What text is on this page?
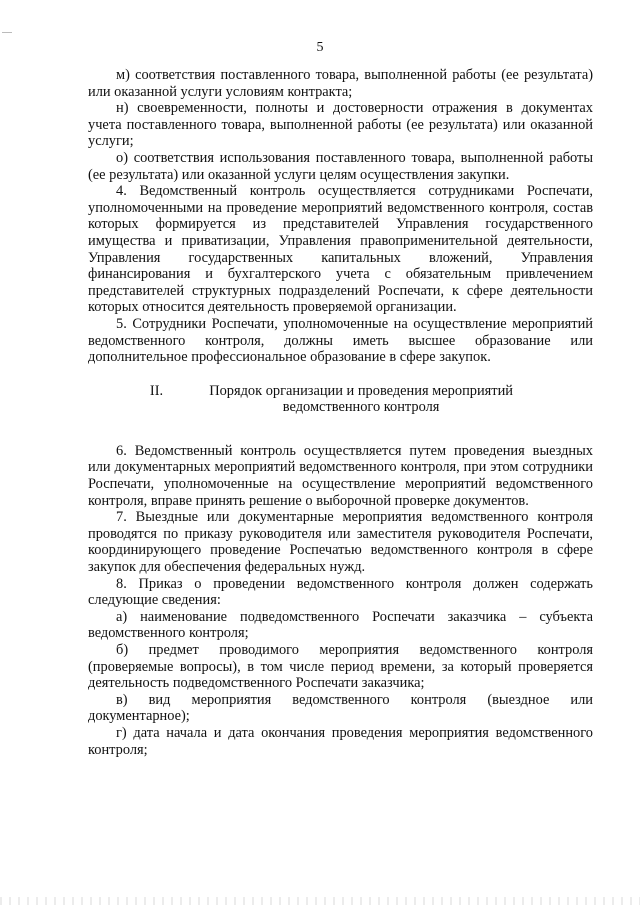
5

м) соответствия поставленного товара, выполненной работы (ее результата) или оказанной услуги условиям контракта;

н) своевременности, полноты и достоверности отражения в документах учета поставленного товара, выполненной работы (ее результата) или оказанной услуги;

о) соответствия использования поставленного товара, выполненной работы (ее результата) или оказанной услуги целям осуществления закупки.

4. Ведомственный контроль осуществляется сотрудниками Роспечати, уполномоченными на проведение мероприятий ведомственного контроля, состав которых формируется из представителей Управления государственного имущества и приватизации, Управления правоприменительной деятельности, Управления государственных капитальных вложений, Управления финансирования и бухгалтерского учета с обязательным привлечением представителей структурных подразделений Роспечати, к сфере деятельности которых относится деятельность проверяемой организации.

5. Сотрудники Роспечати, уполномоченные на осуществление мероприятий ведомственного контроля, должны иметь высшее образование или дополнительное профессиональное образование в сфере закупок.

II.	Порядок организации и проведения мероприятий ведомственного контроля

6. Ведомственный контроль осуществляется путем проведения выездных или документарных мероприятий ведомственного контроля, при этом сотрудники Роспечати, уполномоченные на осуществление мероприятий ведомственного контроля, вправе принять решение о выборочной проверке документов.

7. Выездные или документарные мероприятия ведомственного контроля проводятся по приказу руководителя или заместителя руководителя Роспечати, координирующего проведение Роспечатью ведомственного контроля в сфере закупок для обеспечения федеральных нужд.

8. Приказ о проведении ведомственного контроля должен содержать следующие сведения:

а) наименование подведомственного Роспечати заказчика – субъекта ведомственного контроля;

б) предмет проводимого мероприятия ведомственного контроля (проверяемые вопросы), в том числе период времени, за который проверяется деятельность подведомственного Роспечати заказчика;

в) вид мероприятия ведомственного контроля (выездное или документарное);

г) дата начала и дата окончания проведения мероприятия ведомственного контроля;
